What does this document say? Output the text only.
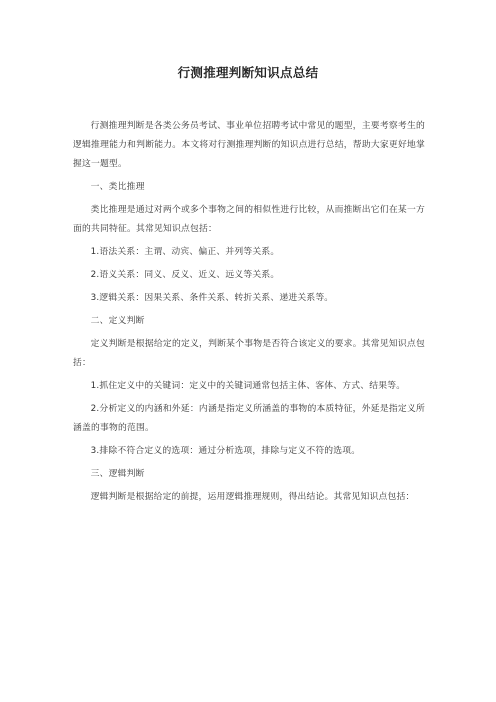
行测推理判断知识点总结

行测推理判断是各类公务员考试、事业单位招聘考试中常见的题型，主要考察考生的逻辑推理能力和判断能力。本文将对行测推理判断的知识点进行总结，帮助大家更好地掌握这一题型。

一、类比推理

类比推理是通过对两个或多个事物之间的相似性进行比较，从而推断出它们在某一方面的共同特征。其常见知识点包括：

1.语法关系：主谓、动宾、偏正、并列等关系。

2.语义关系：同义、反义、近义、远义等关系。

3.逻辑关系：因果关系、条件关系、转折关系、递进关系等。

二、定义判断

定义判断是根据给定的定义，判断某个事物是否符合该定义的要求。其常见知识点包括：

1.抓住定义中的关键词：定义中的关键词通常包括主体、客体、方式、结果等。

2.分析定义的内涵和外延：内涵是指定义所涵盖的事物的本质特征，外延是指定义所涵盖的事物的范围。

3.排除不符合定义的选项：通过分析选项，排除与定义不符的选项。

三、逻辑判断

逻辑判断是根据给定的前提，运用逻辑推理规则，得出结论。其常见知识点包括：
